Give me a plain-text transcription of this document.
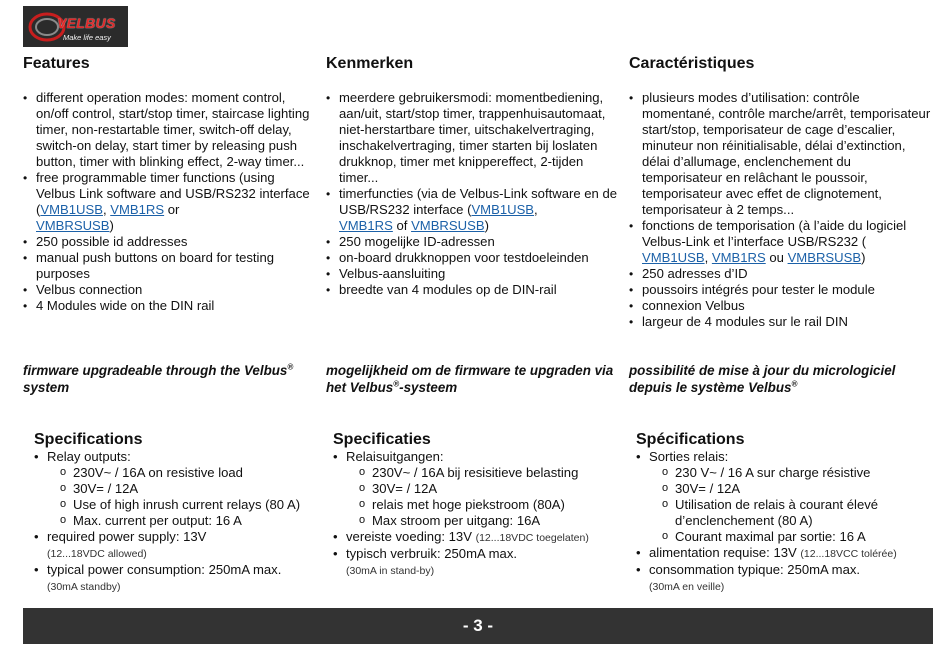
VELBUS
Make life easy
Features
• different operation modes: moment control, on/off control, start/stop timer, staircase lighting timer, non-restartable timer, switch-off delay, switch-on delay, start timer by releasing push button, timer with blinking effect, 2-way timer...
• free programmable timer functions (using Velbus Link software and USB/RS232 interface (VMB1USB, VMB1RS or
VMBRSUSB)
• 250 possible id addresses
• manual push buttons on board for testing purposes
• Velbus connection
• 4 Modules wide on the DIN rail
Kenmerken
• meerdere gebruikersmodi: momentbediening, aan/uit, start/stop timer, trappenhuisautomaat, niet-herstartbare timer, uitschakelvertraging, inschakelvertraging, timer starten bij loslaten drukknop, timer met knippereffect, 2-tijden timer...
• timerfuncties (via de Velbus-Link software en de USB/RS232 interface (VMB1USB,
VMB1RS of VMBRSUSB)
• 250 mogelijke ID-adressen
• on-board drukknoppen voor testdoeleinden
• Velbus-aansluiting
• breedte van 4 modules op de DIN-rail
Caractéristiques
• plusieurs modes d’utilisation: contrôle momentané, contrôle marche/arrêt, temporisateur start/stop, temporisateur de cage d’escalier, minuteur non réinitialisable, délai d’extinction, délai d’allumage, enclenchement du temporisateur en relâchant le poussoir, temporisateur avec effet de clignotement, temporisateur à 2 temps...
• fonctions de temporisation (à l’aide du logiciel Velbus-Link et l’interface USB/RS232 (
VMB1USB, VMB1RS ou VMBRSUSB)
• 250 adresses d’ID
• poussoirs intégrés pour tester le module
• connexion Velbus
• largeur de 4 modules sur le rail DIN
firmware upgradeable through the Velbus®
system
mogelijkheid om de firmware te upgraden via het Velbus®-systeem
possibilité de mise à jour du micrologiciel depuis le système Velbus®
Specifications
• Relay outputs:
o 230V~ / 16A on resistive load
o 30V= / 12A
o Use of high inrush current relays (80 A)
o Max. current per output: 16 A
• required power supply: 13V
(12...18VDC allowed)
• typical power consumption: 250mA max.
(30mA standby)
Specificaties
• Relaisuitgangen:
o 230V~ / 16A bij resisitieve belasting
o 30V= / 12A
o relais met hoge piekstroom (80A)
o Max stroom per uitgang: 16A
• vereiste voeding: 13V (12...18VDC toegelaten)
• typisch verbruik: 250mA max.
(30mA in stand-by)
Spécifications
• Sorties relais:
o 230 V~ / 16 A sur charge résistive
o 30V= / 12A
o Utilisation de relais à courant élevé d’enclenchement (80 A)
o Courant maximal par sortie: 16 A
• alimentation requise: 13V (12...18VCC tolérée)
• consommation typique: 250mA max.
(30mA en veille)
- 3 -
